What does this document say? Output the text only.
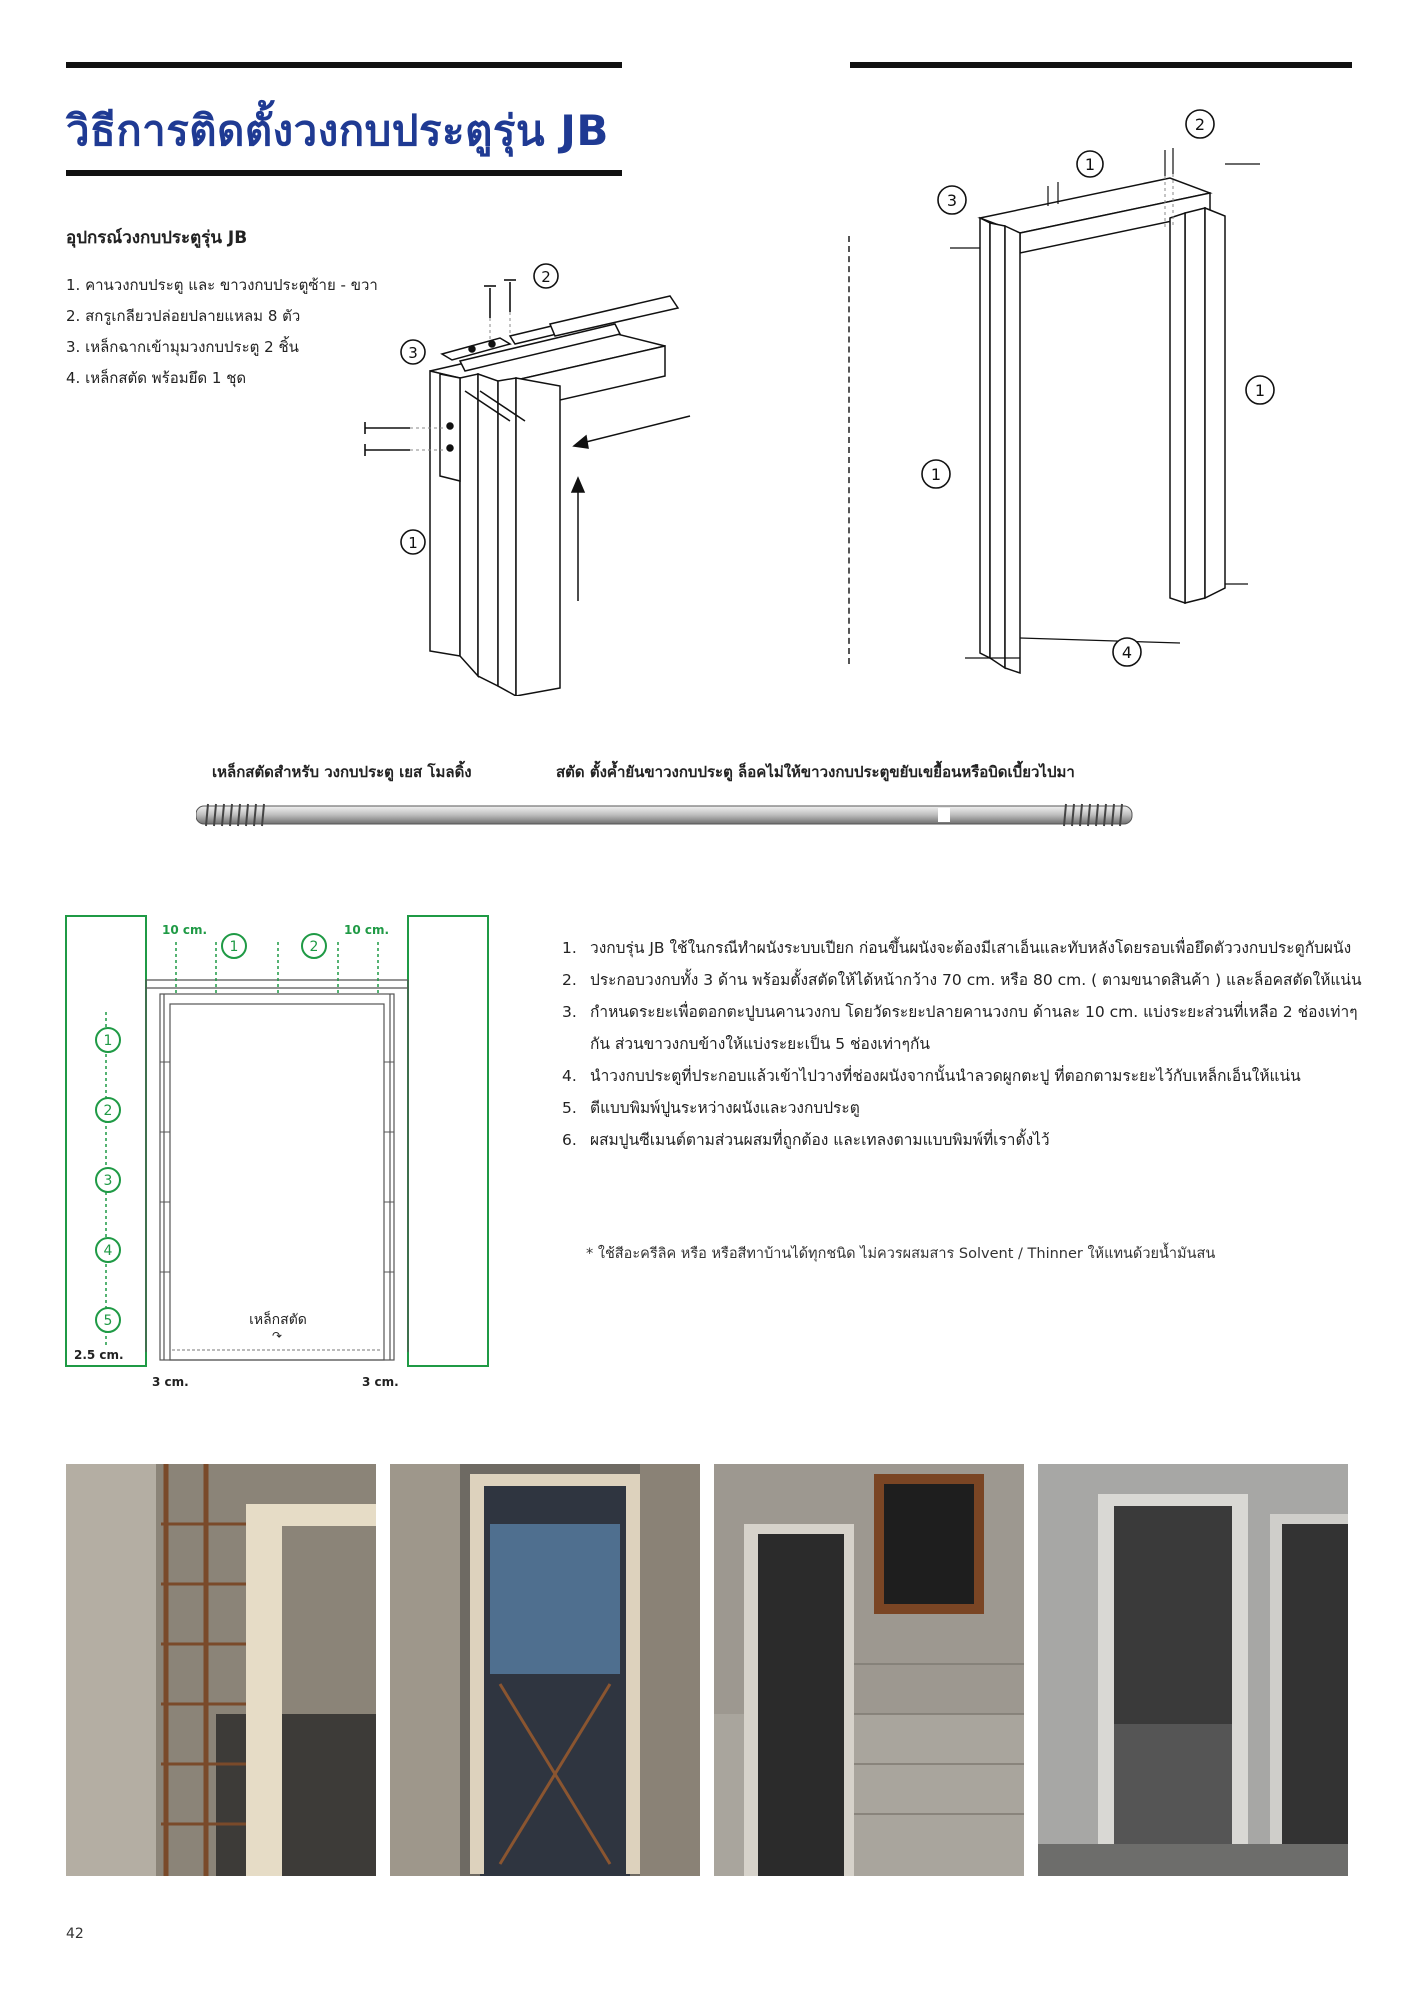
วิธีการติดตั้งวงกบประตูรุ่น JB
อุปกรณ์วงกบประตูรุ่น JB
1. คานวงกบประตู และ ขาวงกบประตูซ้าย - ขวา
2. สกรูเกลียวปล่อยปลายแหลม 8 ตัว
3. เหล็กฉากเข้ามุมวงกบประตู 2 ชิ้น
4. เหล็กสตัด พร้อมยึด 1 ชุด
2
3
1
1
2
3
1
1
4
เหล็กสตัดสำหรับ วงกบประตู เยส โมลดิ้ง	สตัด ตั้งค้ำยันขาวงกบประตู ล็อคไม่ให้ขาวงกบประตูขยับเขยื้อนหรือบิดเบี้ยวไปมา
1	2
1
2
3
4
5
10 cm.	10 cm.
เหล็กสตัด
↷
2.5 cm.
3 cm.	3 cm.
1. วงกบรุ่น JB ใช้ในกรณีทำผนังระบบเปียก ก่อนขึ้นผนังจะต้องมีเสาเอ็นและทับหลังโดยรอบเพื่อยึดตัววงกบประตูกับผนัง
2. ประกอบวงกบทั้ง 3 ด้าน พร้อมตั้งสตัดให้ได้หน้ากว้าง 70 cm. หรือ 80 cm. ( ตามขนาดสินค้า ) และล็อคสตัดให้แน่น
3. กำหนดระยะเพื่อตอกตะปูบนคานวงกบ โดยวัดระยะปลายคานวงกบ ด้านละ 10 cm. แบ่งระยะส่วนที่เหลือ 2 ช่องเท่าๆกัน ส่วนขาวงกบข้างให้แบ่งระยะเป็น 5 ช่องเท่าๆกัน
4. นำวงกบประตูที่ประกอบแล้วเข้าไปวางที่ช่องผนังจากนั้นนำลวดผูกตะปู ที่ตอกตามระยะไว้กับเหล็กเอ็นให้แน่น
5. ตีแบบพิมพ์ปูนระหว่างผนังและวงกบประตู
6. ผสมปูนซีเมนต์ตามส่วนผสมที่ถูกต้อง และเทลงตามแบบพิมพ์ที่เราตั้งไว้
* ใช้สีอะครีลิค หรือ หรือสีทาบ้านได้ทุกชนิด ไม่ควรผสมสาร Solvent / Thinner ให้แทนด้วยน้ำมันสน
42
